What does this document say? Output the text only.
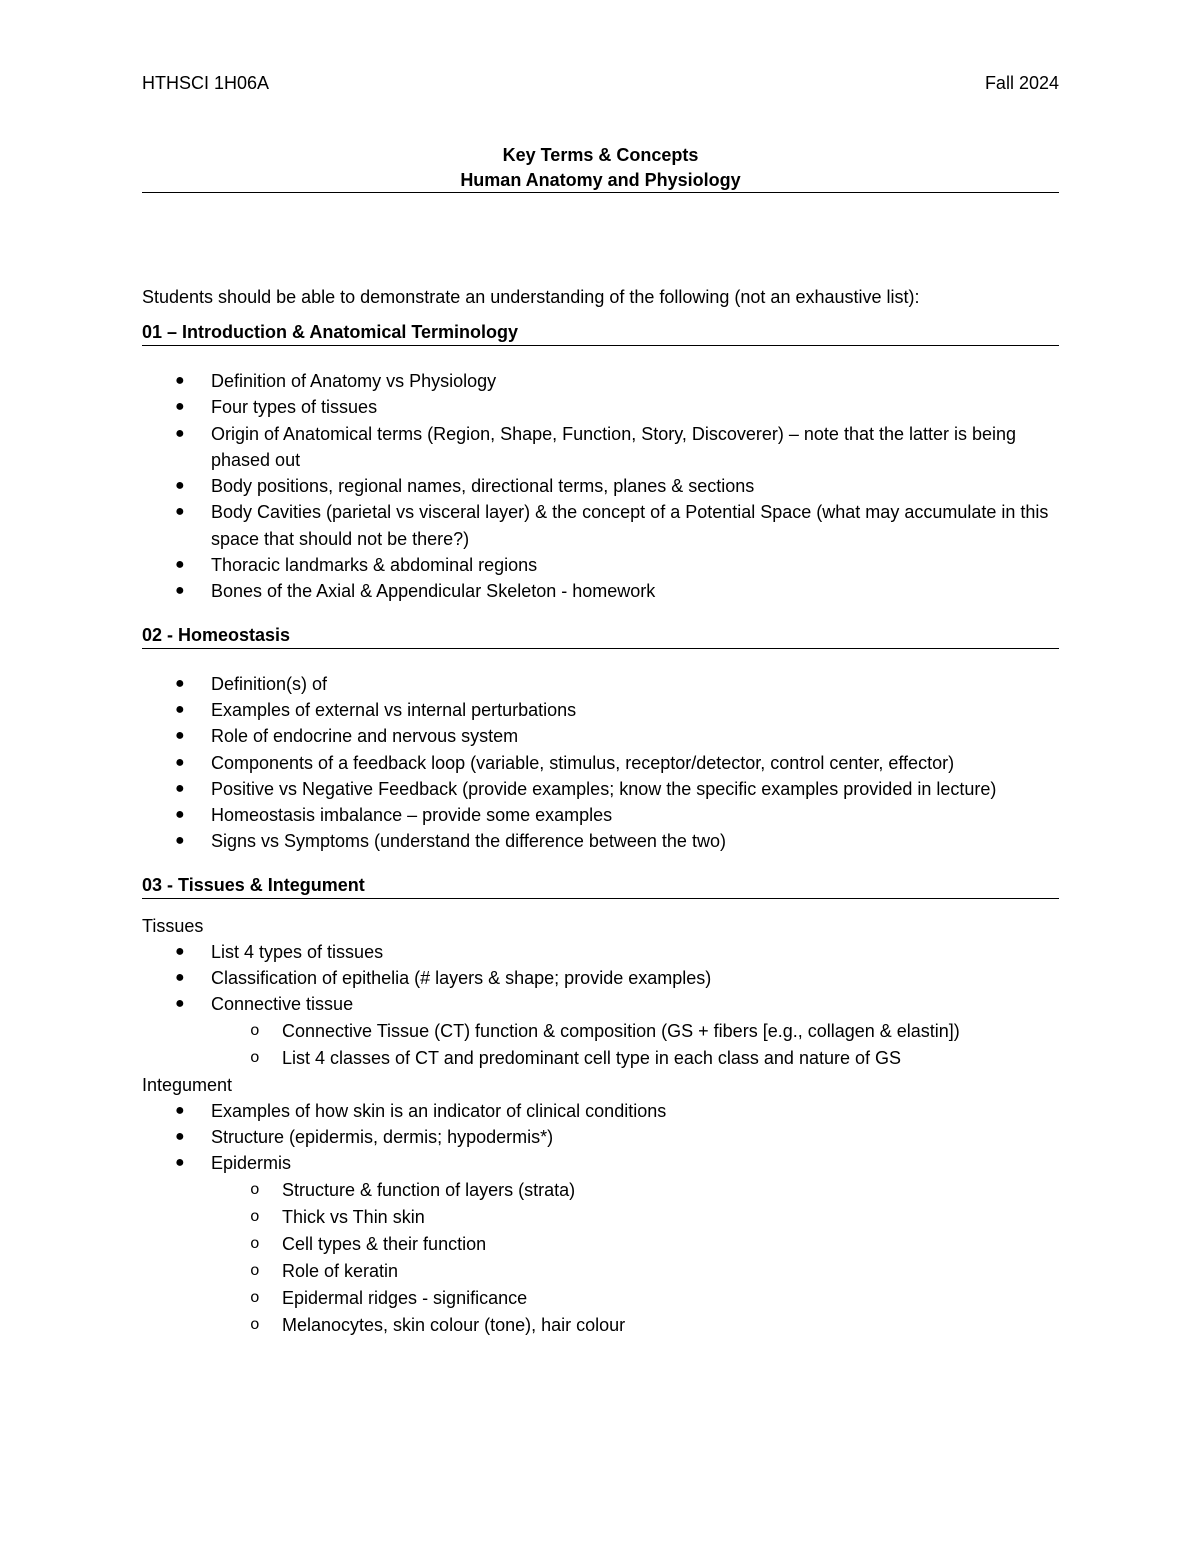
HTHSCI 1H06A	Fall 2024
Key Terms & Concepts
Human Anatomy and Physiology

Students should be able to demonstrate an understanding of the following (not an exhaustive list):

01 – Introduction & Anatomical Terminology
● Definition of Anatomy vs Physiology
● Four types of tissues
● Origin of Anatomical terms (Region, Shape, Function, Story, Discoverer) – note that the latter is being phased out
● Body positions, regional names, directional terms, planes & sections
● Body Cavities (parietal vs visceral layer) & the concept of a Potential Space (what may accumulate in this space that should not be there?)
● Thoracic landmarks & abdominal regions
● Bones of the Axial & Appendicular Skeleton - homework
02 - Homeostasis
● Definition(s) of
● Examples of external vs internal perturbations
● Role of endocrine and nervous system
● Components of a feedback loop (variable, stimulus, receptor/detector, control center, effector)
● Positive vs Negative Feedback (provide examples; know the specific examples provided in lecture)
● Homeostasis imbalance – provide some examples
● Signs vs Symptoms (understand the difference between the two)
03 - Tissues & Integument
Tissues
● List 4 types of tissues
● Classification of epithelia (# layers & shape; provide examples)
● Connective tissue
o Connective Tissue (CT) function & composition (GS + fibers [e.g., collagen & elastin])
o List 4 classes of CT and predominant cell type in each class and nature of GS
Integument
● Examples of how skin is an indicator of clinical conditions
● Structure (epidermis, dermis; hypodermis*)
● Epidermis
o Structure & function of layers (strata)
o Thick vs Thin skin
o Cell types & their function
o Role of keratin
o Epidermal ridges - significance
o Melanocytes, skin colour (tone), hair colour
